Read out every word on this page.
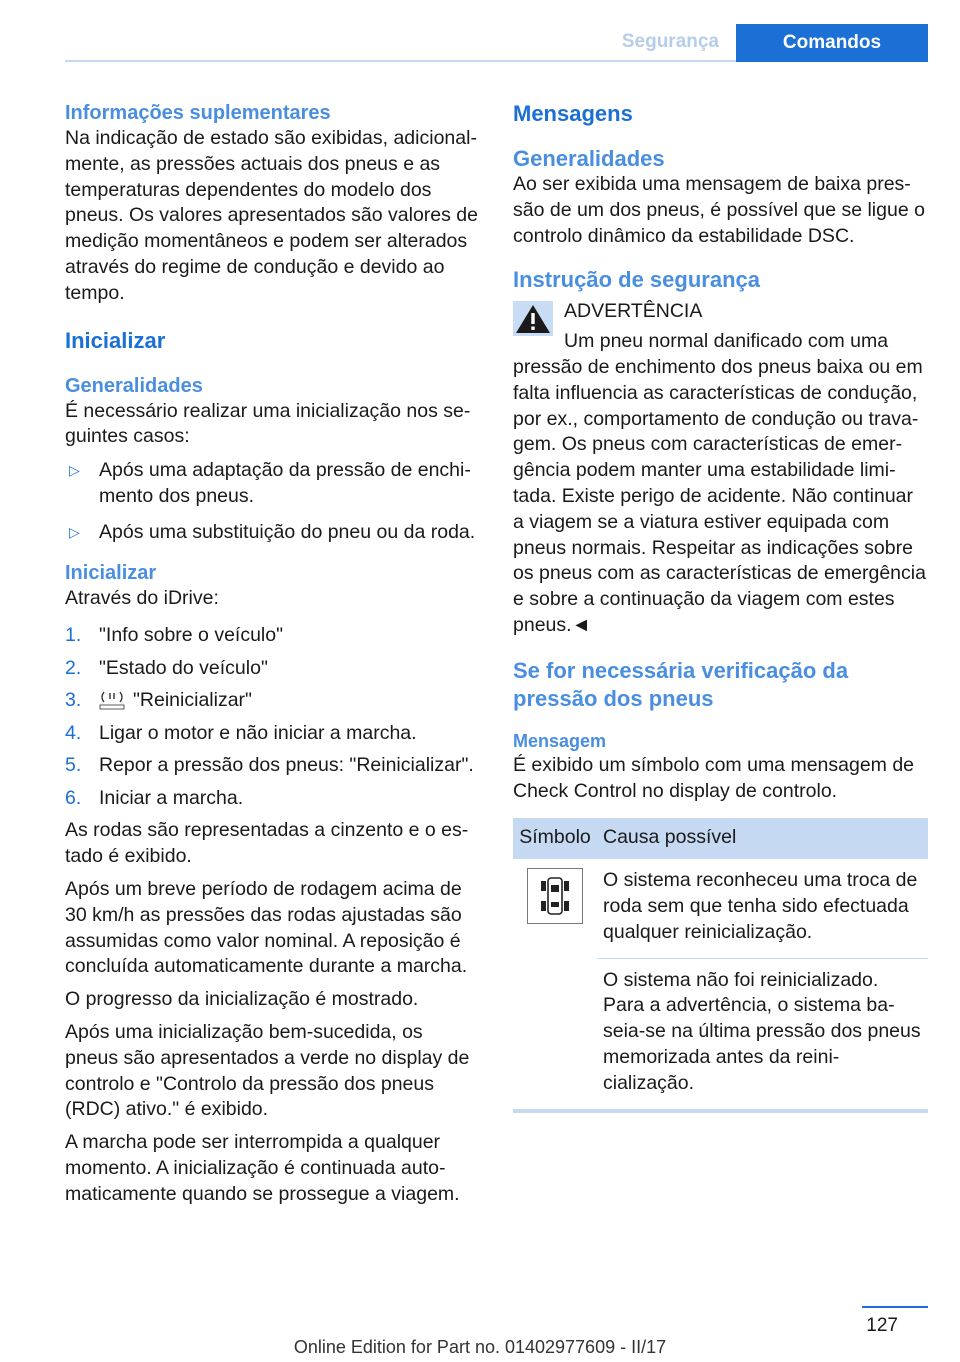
Segurança	Comandos
Informações suplementares

Na indicação de estado são exibidas, adicionalmente, as pressões actuais dos pneus e as temperaturas dependentes do modelo dos pneus. Os valores apresentados são valores de medição momentâneos e podem ser alterados através do regime de condução e devido ao tempo.

Inicializar
Generalidades

É necessário realizar uma inicialização nos seguintes casos:

▷ Após uma adaptação da pressão de enchimento dos pneus.
▷ Após uma substituição do pneu ou da roda.
Inicializar

Através do iDrive:

1. "Info sobre o veículo"
2. "Estado do veículo"
3.	"Reinicializar"
4. Ligar o motor e não iniciar a marcha.
5. Repor a pressão dos pneus: "Reinicializar".
6. Iniciar a marcha.

As rodas são representadas a cinzento e o estado é exibido.

Após um breve período de rodagem acima de 30 km/h as pressões das rodas ajustadas são assumidas como valor nominal. A reposição é concluída automaticamente durante a marcha.

O progresso da inicialização é mostrado.

Após uma inicialização bem-sucedida, os pneus são apresentados a verde no display de controlo e "Controlo da pressão dos pneus (RDC) ativo." é exibido.

A marcha pode ser interrompida a qualquer momento. A inicialização é continuada automaticamente quando se prossegue a viagem.

Mensagens
Generalidades

Ao ser exibida uma mensagem de baixa pressão de um dos pneus, é possível que se ligue o controlo dinâmico da estabilidade DSC.

Instrução de segurança
ADVERTÊNCIA

Um pneu normal danificado com uma pressão de enchimento dos pneus baixa ou em falta influencia as características de condução, por ex., comportamento de condução ou travagem. Os pneus com características de emergência podem manter uma estabilidade limitada. Existe perigo de acidente. Não continuar a viagem se a viatura estiver equipada com pneus normais. Respeitar as indicações sobre os pneus com as características de emergência e sobre a continuação da viagem com estes pneus.◄

Se for necessária verificação da pressão dos pneus
Mensagem

É exibido um símbolo com uma mensagem de Check Control no display de controlo.

Símbolo	Causa possível
	O sistema reconheceu uma troca de roda sem que tenha sido efectuada qualquer reinicialização.
	O sistema não foi reinicializado. Para a advertência, o sistema baseia-se na última pressão dos pneus memorizada antes da reinicialização.
127
Online Edition for Part no. 01402977609 - II/17
